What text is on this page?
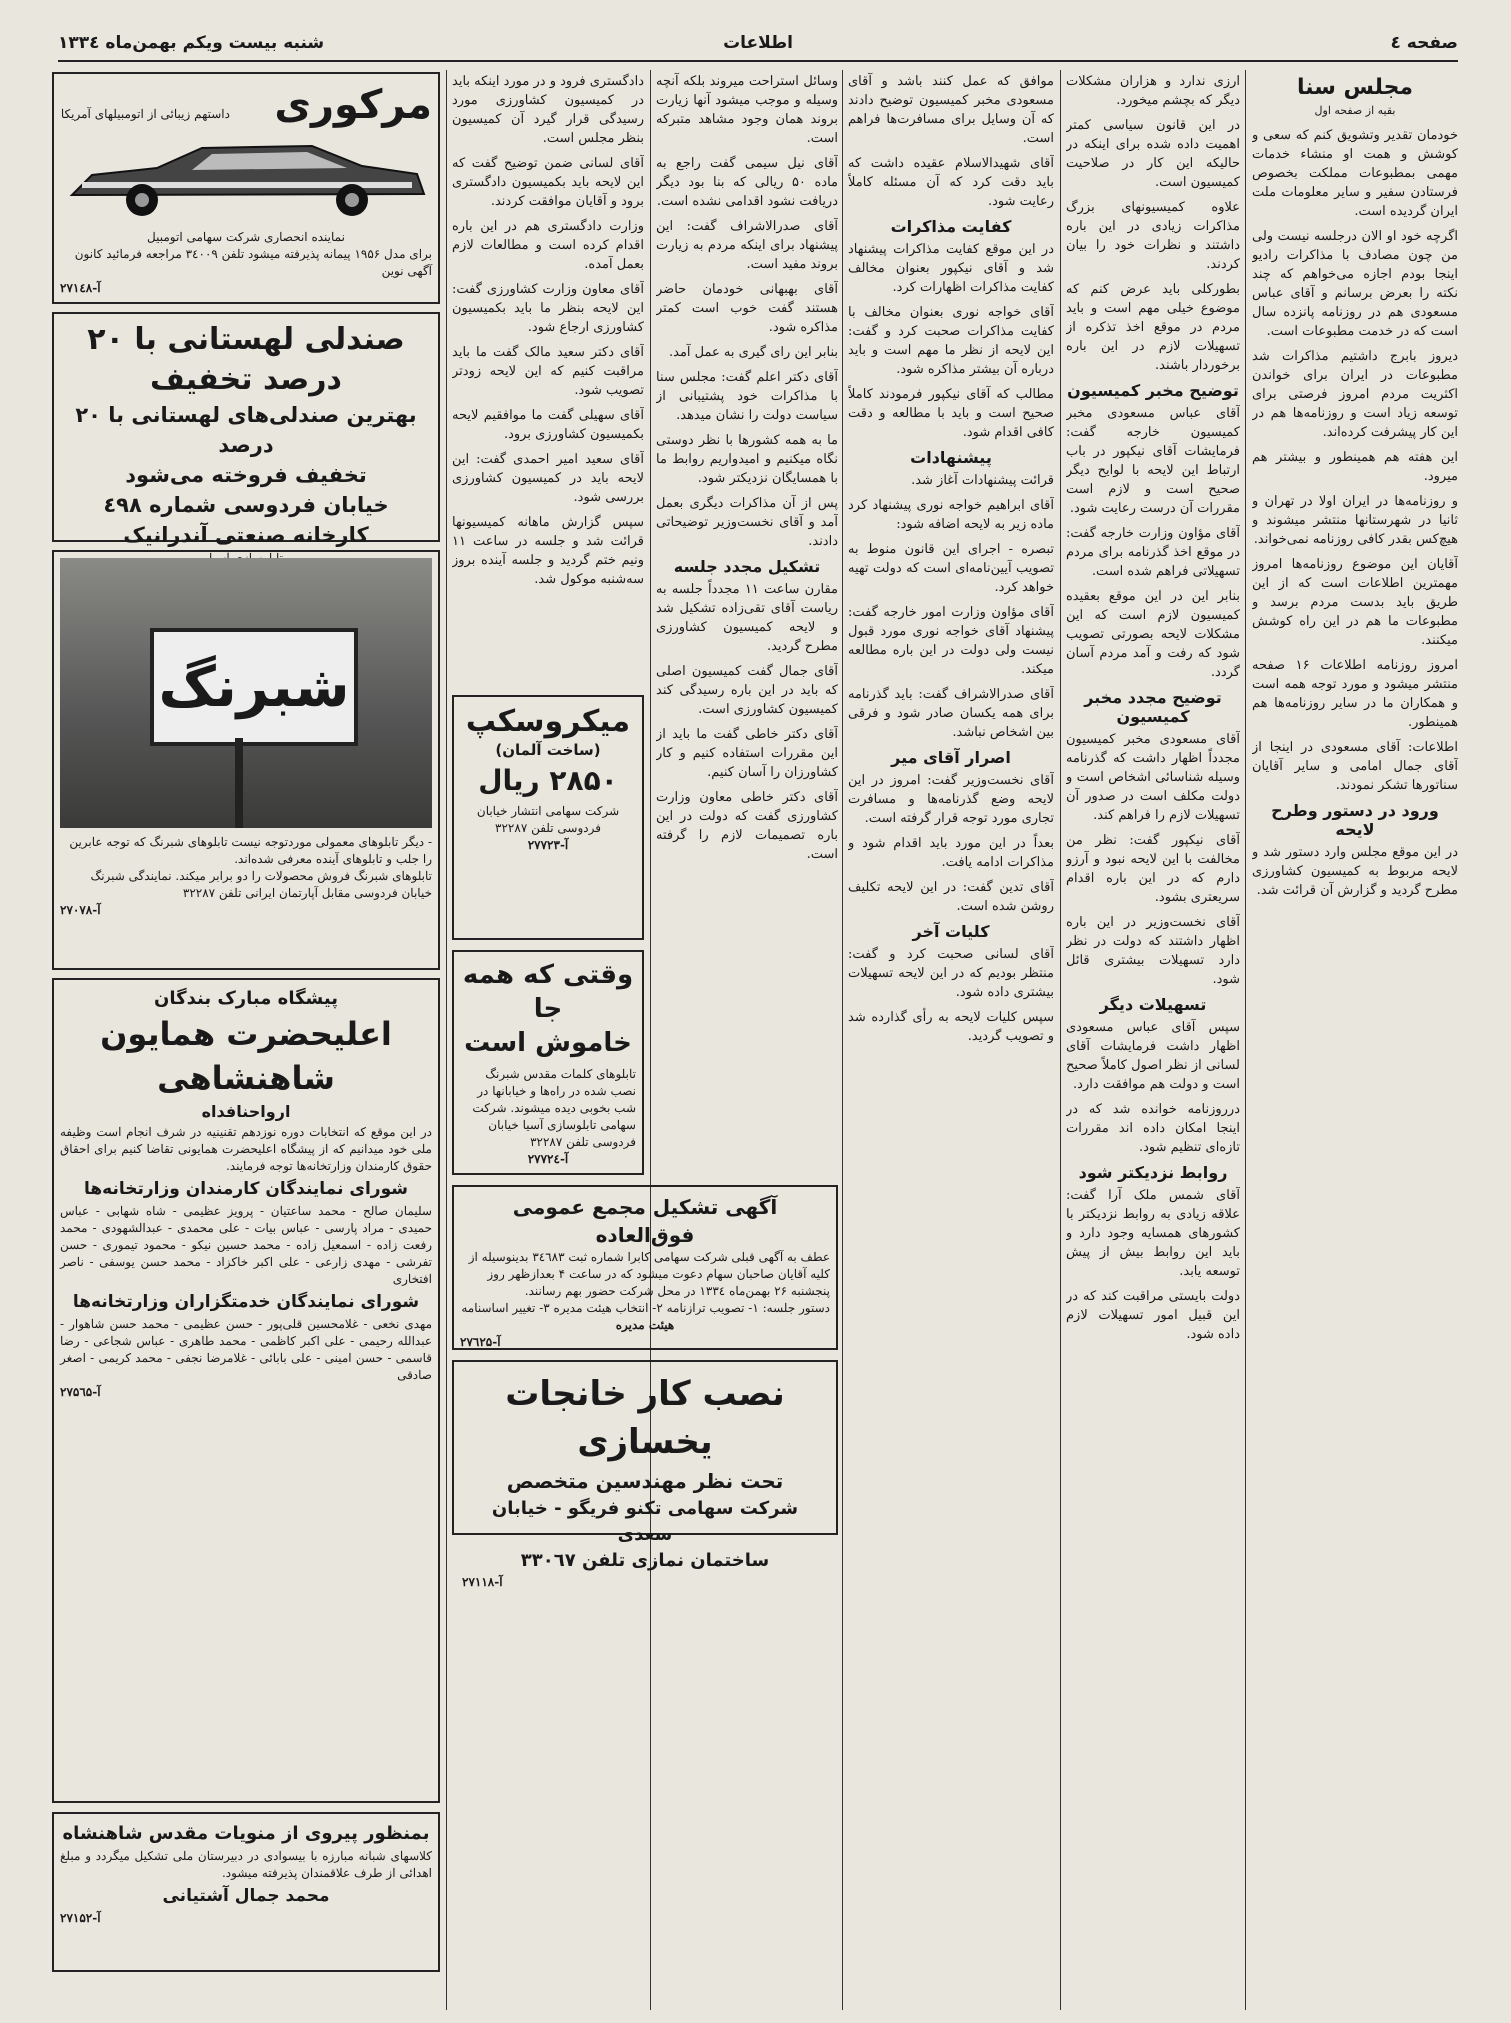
صفحه ٤
اطلاعات
شنبه بیست ویکم بهمن‌ماه ۱۳۳٤
مجلس سنا

بقیه از صفحه اول

خودمان تقدیر وتشویق کنم که سعی و کوشش و همت او منشاء خدمات مهمی بمطبوعات مملکت بخصوص فرستادن سفیر و سایر معلومات ملت ایران گردیده است.

اگرچه خود او الان درجلسه نیست ولی من چون مصادف با مذاکرات رادیو اینجا بودم اجازه می‌خواهم که چند نکته را بعرض برسانم و آقای عباس مسعودی هم در روزنامه پانزده سال است که در خدمت مطبوعات است.

دیروز بابرج داشتیم مذاکرات شد مطبوعات در ایران برای خواندن اکثریت مردم امروز فرصتی برای توسعه زیاد است و روزنامه‌ها هم در این کار پیشرفت کرده‌اند.

این هفته هم همینطور و بیشتر هم میرود.

و روزنامه‌ها در ایران اولا در تهران و ثانیا در شهرستانها منتشر میشوند و هیچ‌کس بقدر کافی روزنامه نمی‌خواند.

آقایان این موضوع روزنامه‌ها امروز مهمترین اطلاعات است که از این طریق باید بدست مردم برسد و مطبوعات ما هم در این راه کوشش میکنند.

امروز روزنامه اطلاعات ۱۶ صفحه منتشر میشود و مورد توجه همه است و همکاران ما در سایر روزنامه‌ها هم همینطور.

اطلاعات: آقای مسعودی در اینجا از آقای جمال امامی و سایر آقایان سناتورها تشکر نمودند.

ورود در دستور وطرح لایحه

در این موقع مجلس وارد دستور شد و لایحه مربوط به کمیسیون کشاورزی مطرح گردید و گزارش آن قرائت شد.

ارزی ندارد و هزاران مشکلات دیگر که بچشم میخورد.

در این قانون سیاسی کمتر اهمیت داده شده برای اینکه در حالیکه این کار در صلاحیت کمیسیون است.

علاوه کمیسیونهای بزرگ مذاکرات زیادی در این باره داشتند و نظرات خود را بیان کردند.

بطورکلی باید عرض کنم که موضوع خیلی مهم است و باید مردم در موقع اخذ تذکره از تسهیلات لازم در این باره برخوردار باشند.

توضیح مخبر کمیسیون

آقای عباس مسعودی مخبر کمیسیون خارجه گفت: فرمایشات آقای نیکپور در باب ارتباط این لایحه با لوایح دیگر صحیح است و لازم است مقررات آن درست رعایت شود.

آقای مؤاون وزارت خارجه گفت: در موقع اخذ گذرنامه برای مردم تسهیلاتی فراهم شده است.

بنابر این در این موقع بعقیده کمیسیون لازم است که این مشکلات لایحه بصورتی تصویب شود که رفت و آمد مردم آسان گردد.

توضیح مجدد مخبر کمیسیون

آقای مسعودی مخبر کمیسیون مجدداً اظهار داشت که گذرنامه وسیله شناسائی اشخاص است و دولت مکلف است در صدور آن تسهیلات لازم را فراهم کند.

آقای نیکپور گفت: نظر من مخالفت با این لایحه نبود و آرزو دارم که در این باره اقدام سریعتری بشود.

آقای نخست‌وزیر در این باره اظهار داشتند که دولت در نظر دارد تسهیلات بیشتری قائل شود.

تسهیلات دیگر

سپس آقای عباس مسعودی اظهار داشت فرمایشات آقای لسانی از نظر اصول کاملاً صحیح است و دولت هم موافقت دارد.

درروزنامه خوانده شد که در اینجا امکان داده اند مقررات تازه‌ای تنظیم شود.

روابط نزدیکتر شود

آقای شمس ملک آرا گفت: علاقه زیادی به روابط نزدیکتر با کشورهای همسایه وجود دارد و باید این روابط بیش از پیش توسعه یابد.

دولت بایستی مراقبت کند که در این قبیل امور تسهیلات لازم داده شود.

موافق که عمل کنند باشد و آقای مسعودی مخبر کمیسیون توضیح دادند که آن وسایل برای مسافرت‌ها فراهم است.

آقای شهیدالاسلام عقیده داشت که باید دقت کرد که آن مسئله کاملاً رعایت شود.

کفایت مذاکرات

در این موقع کفایت مذاکرات پیشنهاد شد و آقای نیکپور بعنوان مخالف کفایت مذاکرات اظهارات کرد.

آقای خواجه نوری بعنوان مخالف با کفایت مذاکرات صحبت کرد و گفت: این لایحه از نظر ما مهم است و باید درباره آن بیشتر مذاکره شود.

مطالب که آقای نیکپور فرمودند کاملاً صحیح است و باید با مطالعه و دقت کافی اقدام شود.

پیشنهادات

قرائت پیشنهادات آغاز شد.

آقای ابراهیم خواجه نوری پیشنهاد کرد ماده زیر به لایحه اضافه شود:

تبصره - اجرای این قانون منوط به تصویب آیین‌نامه‌ای است که دولت تهیه خواهد کرد.

آقای مؤاون وزارت امور خارجه گفت: پیشنهاد آقای خواجه نوری مورد قبول نیست ولی دولت در این باره مطالعه میکند.

آقای صدرالاشراف گفت: باید گذرنامه برای همه یکسان صادر شود و فرقی بین اشخاص نباشد.

اصرار آقای میر

آقای نخست‌وزیر گفت: امروز در این لایحه وضع گذرنامه‌ها و مسافرت تجاری مورد توجه قرار گرفته است.

بعداً در این مورد باید اقدام شود و مذاکرات ادامه یافت.

آقای تدین گفت: در این لایحه تکلیف روشن شده است.

کلیات آخر

آقای لسانی صحبت کرد و گفت: منتظر بودیم که در این لایحه تسهیلات بیشتری داده شود.

سپس کلیات لایحه به رأی گذارده شد و تصویب گردید.

وسائل استراحت میروند بلکه آنچه وسیله و موجب میشود آنها زیارت بروند همان وجود مشاهد متبرکه است.

آقای نیل سیمی گفت راجع به ماده ۵۰ ریالی که بنا بود دیگر دریافت نشود اقدامی نشده است.

آقای صدرالاشراف گفت: این پیشنهاد برای اینکه مردم به زیارت بروند مفید است.

آقای بهبهانی خودمان حاضر هستند گفت خوب است کمتر مذاکره شود.

بنابر این رای گیری به عمل آمد.

آقای دکتر اعلم گفت: مجلس سنا با مذاکرات خود پشتیبانی از سیاست دولت را نشان میدهد.

ما به همه کشورها با نظر دوستی نگاه میکنیم و امیدواریم روابط ما با همسایگان نزدیکتر شود.

پس از آن مذاکرات دیگری بعمل آمد و آقای نخست‌وزیر توضیحاتی دادند.

تشکیل مجدد جلسه

مقارن ساعت ۱۱ مجدداً جلسه به ریاست آقای تقی‌زاده تشکیل شد و لایحه کمیسیون کشاورزی مطرح گردید.

آقای جمال گفت کمیسیون اصلی که باید در این باره رسیدگی کند کمیسیون کشاورزی است.

آقای دکتر خاطی گفت ما باید از این مقررات استفاده کنیم و کار کشاورزان را آسان کنیم.

آقای دکتر خاطی معاون وزارت کشاورزی گفت که دولت در این باره تصمیمات لازم را گرفته است.

دادگستری فرود و در مورد اینکه باید در کمیسیون کشاورزی مورد رسیدگی قرار گیرد آن کمیسیون بنظر مجلس است.

آقای لسانی ضمن توضیح گفت که این لایحه باید بکمیسیون دادگستری برود و آقایان موافقت کردند.

وزارت دادگستری هم در این باره اقدام کرده است و مطالعات لازم بعمل آمده.

آقای معاون وزارت کشاورزی گفت: این لایحه بنظر ما باید بکمیسیون کشاورزی ارجاع شود.

آقای دکتر سعید مالک گفت ما باید مراقبت کنیم که این لایحه زودتر تصویب شود.

آقای سهیلی گفت ما موافقیم لایحه بکمیسیون کشاورزی برود.

آقای سعید امیر احمدی گفت: این لایحه باید در کمیسیون کشاورزی بررسی شود.

سپس گزارش ماهانه کمیسیونها قرائت شد و جلسه در ساعت ۱۱ ونیم ختم گردید و جلسه آینده بروز سه‌شنبه موکول شد.

میکروسکپ
(ساخت آلمان)
۲۸۵۰ ریال
شرکت سهامی انتشار خیابان فردوسی تلفن ۳۲۲۸۷
آ-۲۷۷۲۳
وقتی که همه جا
خاموش است
تابلوهای کلمات مقدس شبرنگ نصب شده در راه‌ها و خیابانها در شب بخوبی دیده میشوند. شرکت سهامی تابلوسازی آسیا خیابان فردوسی تلفن ۳۲۲۸۷
آ-۲۷۷۲٤
آگهی تشکیل مجمع عمومی فوق‌العاده
عطف به آگهی قبلی شرکت سهامی کابرا شماره ثبت ۳٤٦۸۳ بدینوسیله از کلیه آقایان صاحبان سهام دعوت میشود که در ساعت ۴ بعدازظهر روز پنجشنبه ۲۶ بهمن‌ماه ۱۳۳٤ در محل شرکت حضور بهم رسانند.
دستور جلسه: ۱- تصویب ترازنامه ۲- انتخاب هیئت مدیره ۳- تغییر اساسنامه
هیئت مدیره
آ-۲۷٦۲۵
نصب کار خانجات یخسازی
تحت نظر مهندسین متخصص
شرکت سهامی تکنو فریگو - خیابان سعدی
ساختمان نمازی تلفن ۳۳۰٦۷
آ-۲۷۱۱۸
مرکوری
داستهم زیبائی از اتومبیلهای آمریکا
نماینده انحصاری شرکت سهامی اتومبیل
برای مدل ۱۹۵۶ پیمانه پذیرفته میشود تلفن ۳٤۰۰۹ مراجعه فرمائید کانون آگهی نوین
آ-۲۷۱٤۸
صندلی لهستانی با ۲۰ درصد تخفیف
بهترین صندلی‌های لهستانی با ۲۰ درصد
تخفیف فروخته می‌شود
خیابان فردوسی شماره ٤۹۸
کارخانه صنعتی آندرانیک
شبرنگ
- دیگر تابلوهای معمولی موردتوجه نیست تابلوهای شبرنگ که توجه عابرین را جلب و تابلوهای آینده معرفی شده‌اند.
تابلوهای شبرنگ فروش محصولات را دو برابر میکند. نمایندگی شبرنگ خیابان فردوسی مقابل آپارتمان ایرانی تلفن ۳۲۲۸۷
آ-۲۷۰۷۸
پیشگاه مبارک بندگان
اعلیحضرت همایون شاهنشاهی
ارواحنافداه
در این موقع که انتخابات دوره نوزدهم تقنینیه در شرف انجام است وظیفه ملی خود میدانیم که از پیشگاه اعلیحضرت همایونی تقاضا کنیم برای احقاق حقوق کارمندان وزارتخانه‌ها توجه فرمایند.
شورای نمایندگان کارمندان وزارتخانه‌ها
سلیمان صالح - محمد ساعتیان - پرویز عظیمی - شاه شهابی - عباس حمیدی - مراد پارسی - عباس بیات - علی محمدی - عبدالشهودی - محمد رفعت زاده - اسمعیل زاده - محمد حسین نیکو - محمود تیموری - حسن تفرشی - مهدی زارعی - علی اکبر خاکزاد - محمد حسن یوسفی - ناصر افتخاری
شورای نمایندگان خدمتگزاران وزارتخانه‌ها
مهدی نخعی - غلامحسین قلی‌پور - حسن عظیمی - محمد حسن شاهوار - عبدالله رحیمی - علی اکبر کاظمی - محمد طاهری - عباس شجاعی - رضا قاسمی - حسن امینی - علی بابائی - غلامرضا نجفی - محمد کریمی - اصغر صادقی
آ-۲۷۵٦۵
بمنظور پیروی از منویات مقدس شاهنشاه
کلاسهای شبانه مبارزه با بیسوادی در دبیرستان ملی تشکیل میگردد و مبلغ اهدائی از طرف علاقمندان پذیرفته میشود.
محمد جمال آشتیانی
آ-۲۷۱۵۲
